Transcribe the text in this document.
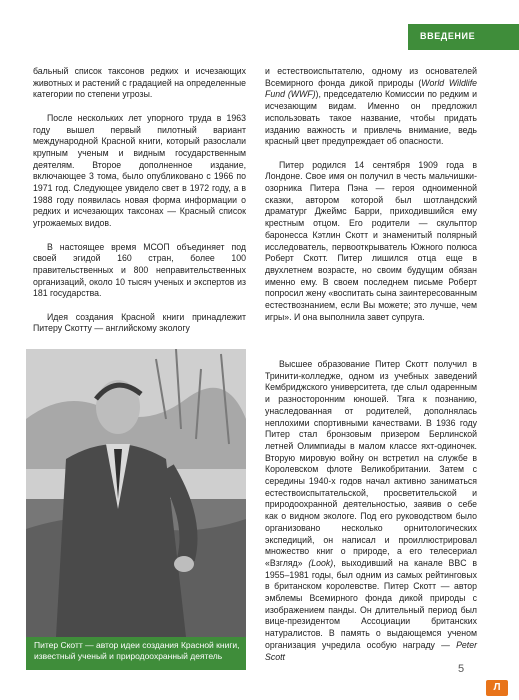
ВВЕДЕНИЕ

бальный список таксонов редких и исчезающих животных и растений с градацией на определенные категории по степени угрозы.

После нескольких лет упорного труда в 1963 году вышел первый пилотный вариант международной Красной книги, который разослали крупным ученым и видным государственным деятелям. Второе дополненное издание, включающее 3 тома, было опубликовано с 1966 по 1971 год. Следующее увидело свет в 1972 году, а в 1988 году появилась новая форма информации о редких и исчезающих таксонах — Красный список угрожаемых видов.

В настоящее время МСОП объединяет под своей эгидой 160 стран, более 100 правительственных и 800 неправительственных организаций, около 10 тысяч ученых и экспертов из 181 государства.

Идея создания Красной книги принадлежит Питеру Скотту — английскому экологу

и естествоиспытателю, одному из основателей Всемирного фонда дикой природы (World Wildlife Fund (WWF)), председателю Комиссии по редким и исчезающим видам. Именно он предложил использовать такое название, чтобы придать изданию важность и привлечь внимание, ведь красный цвет предупреждает об опасности.

Питер родился 14 сентября 1909 года в Лондоне. Свое имя он получил в честь мальчишки-озорника Питера Пэна — героя одноименной сказки, автором которой был шотландский драматург Джеймс Барри, приходившийся ему крестным отцом. Его родители — скульптор баронесса Кэтлин Скотт и знаменитый полярный исследователь, первооткрыватель Южного полюса Роберт Скотт. Питер лишился отца еще в двухлетнем возрасте, но своим будущим обязан именно ему. В своем последнем письме Роберт попросил жену «воспитать сына заинтересованным естествознанием, если Вы можете; это лучше, чем игры». И она выполнила завет супруга.

Высшее образование Питер Скотт получил в Тринити-колледже, одном из учебных заведений Кембриджского университета, где слыл одаренным и разносторонним юношей. Тяга к познанию, унаследованная от родителей, дополнялась неплохими спортивными качествами. В 1936 году Питер стал бронзовым призером Берлинской летней Олимпиады в малом классе яхт-одиночек. Вторую мировую войну он встретил на службе в Королевском флоте Великобритании. Затем с середины 1940-х годов начал активно заниматься естествоиспытательской, просветительской и природоохранной деятельностью, заявив о себе как о видном экологе. Под его руководством было организовано несколько орнитологических экспедиций, он написал и проиллюстрировал множество книг о природе, а его телесериал «Взгляд» (Look), выходивший на канале BBC в 1955–1981 годы, был одним из самых рейтинговых в британском королевстве. Питер Скотт — автор эмблемы Всемирного фонда дикой природы с изображением панды. Он длительный период был вице-президентом Ассоциации британских натуралистов. В память о выдающемся ученом организация учредила особую награду — Peter Scott

Питер Скотт — автор идеи создания Красной книги, известный ученый и природоохранный деятель
5
Л
